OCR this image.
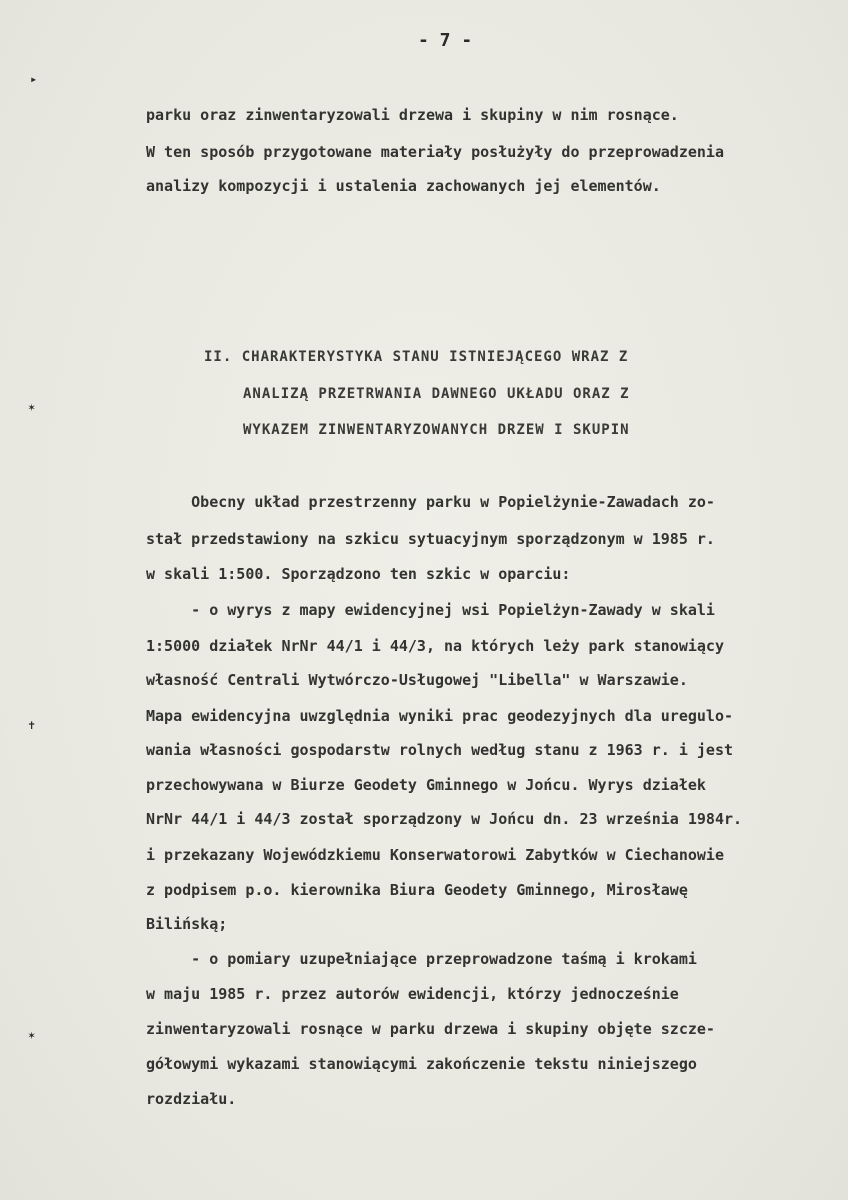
- 7 -
▸
✶
✝
✶
parku oraz zinwentaryzowali drzewa i skupiny w nim rosnące.
W ten sposób przygotowane materiały posłużyły do przeprowadzenia
analizy kompozycji i ustalenia zachowanych jej elementów.
II. CHARAKTERYSTYKA STANU ISTNIEJĄCEGO WRAZ Z
ANALIZĄ PRZETRWANIA DAWNEGO UKŁADU ORAZ Z
WYKAZEM ZINWENTARYZOWANYCH DRZEW I SKUPIN
Obecny układ przestrzenny parku w Popielżynie-Zawadach zo-
stał przedstawiony na szkicu sytuacyjnym sporządzonym w 1985 r.
w skali 1:500. Sporządzono ten szkic w oparciu:
- o wyrys z mapy ewidencyjnej wsi Popielżyn-Zawady w skali
1:5000 działek NrNr 44/1 i 44/3, na których leży park stanowiący
własność Centrali Wytwórczo-Usługowej "Libella" w Warszawie.
Mapa ewidencyjna uwzględnia wyniki prac geodezyjnych dla uregulo-
wania własności gospodarstw rolnych według stanu z 1963 r. i jest
przechowywana w Biurze Geodety Gminnego w Jońcu. Wyrys działek
NrNr 44/1 i 44/3 został sporządzony w Jońcu dn. 23 września 1984r.
i przekazany Wojewódzkiemu Konserwatorowi Zabytków w Ciechanowie
z podpisem p.o. kierownika Biura Geodety Gminnego, Mirosławę
Bilińską;
- o pomiary uzupełniające przeprowadzone taśmą i krokami
w maju 1985 r. przez autorów ewidencji, którzy jednocześnie
zinwentaryzowali rosnące w parku drzewa i skupiny objęte szcze-
gółowymi wykazami stanowiącymi zakończenie tekstu niniejszego
rozdziału.
